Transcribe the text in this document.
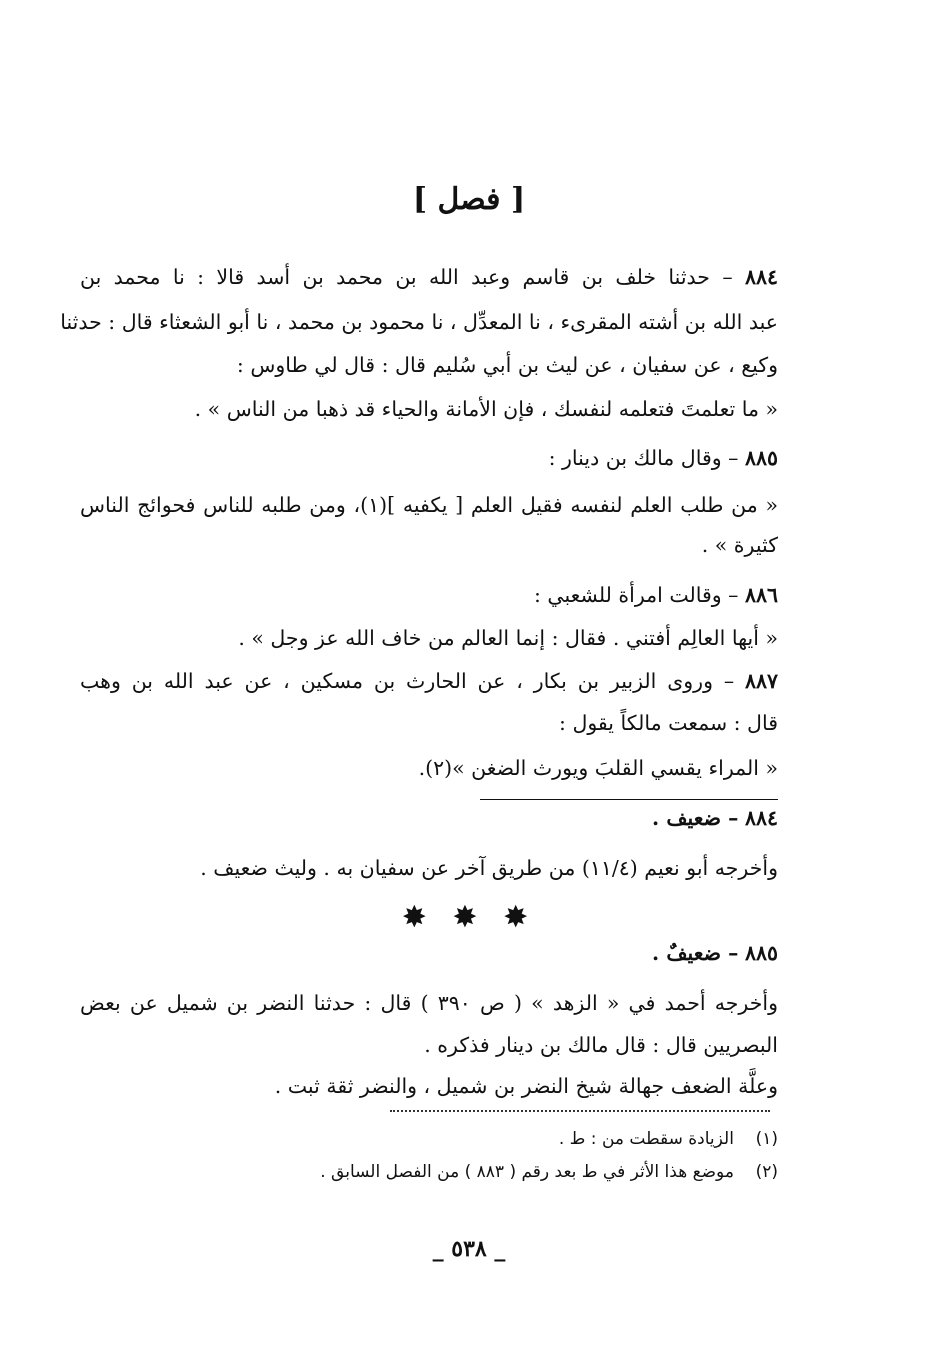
[ فصل ]
٨٨٤ – حدثنا خلف بن قاسم وعبد الله بن محمد بن أسد قالا : نا محمد بن
عبد الله بن أشته المقرىء ، نا المعدِّل ، نا محمود بن محمد ، نا أبو الشعثاء قال : حدثنا
وكيع ، عن سفيان ، عن ليث بن أبي سُليم قال : قال لي طاوس :
« ما تعلمتَ فتعلمه لنفسك ، فإن الأمانة والحياء قد ذهبا من الناس » .
٨٨٥ – وقال مالك بن دينار :
« من طلب العلم لنفسه فقيل العلم [ يكفيه ](١)، ومن طلبه للناس فحوائج الناس
كثيرة » .
٨٨٦ – وقالت امرأة للشعبي :
« أيها العالِم أفتني . فقال : إنما العالم من خاف الله عز وجل » .
٨٨٧ – وروى الزبير بن بكار ، عن الحارث بن مسكين ، عن عبد الله بن وهب
قال : سمعت مالكاً يقول :
« المراء يقسي القلبَ ويورث الضغن »(٢).
٨٨٤ – ضعيف .
وأخرجه أبو نعيم (١١/٤) من طريق آخر عن سفيان به . وليث ضعيف .
✸ ✸ ✸
٨٨٥ – ضعيفٌ .
وأخرجه أحمد في « الزهد » ( ص ٣٩٠ ) قال : حدثنا النضر بن شميل عن بعض
البصريين قال : قال مالك بن دينار فذكره .
وعلَّة الضعف جهالة شيخ النضر بن شميل ، والنضر ثقة ثبت .
(١)    الزيادة سقطت من : ط .
(٢)    موضع هذا الأثر في ط بعد رقم ( ٨٨٣ ) من الفصل السابق .
_ ٥٣٨ _
